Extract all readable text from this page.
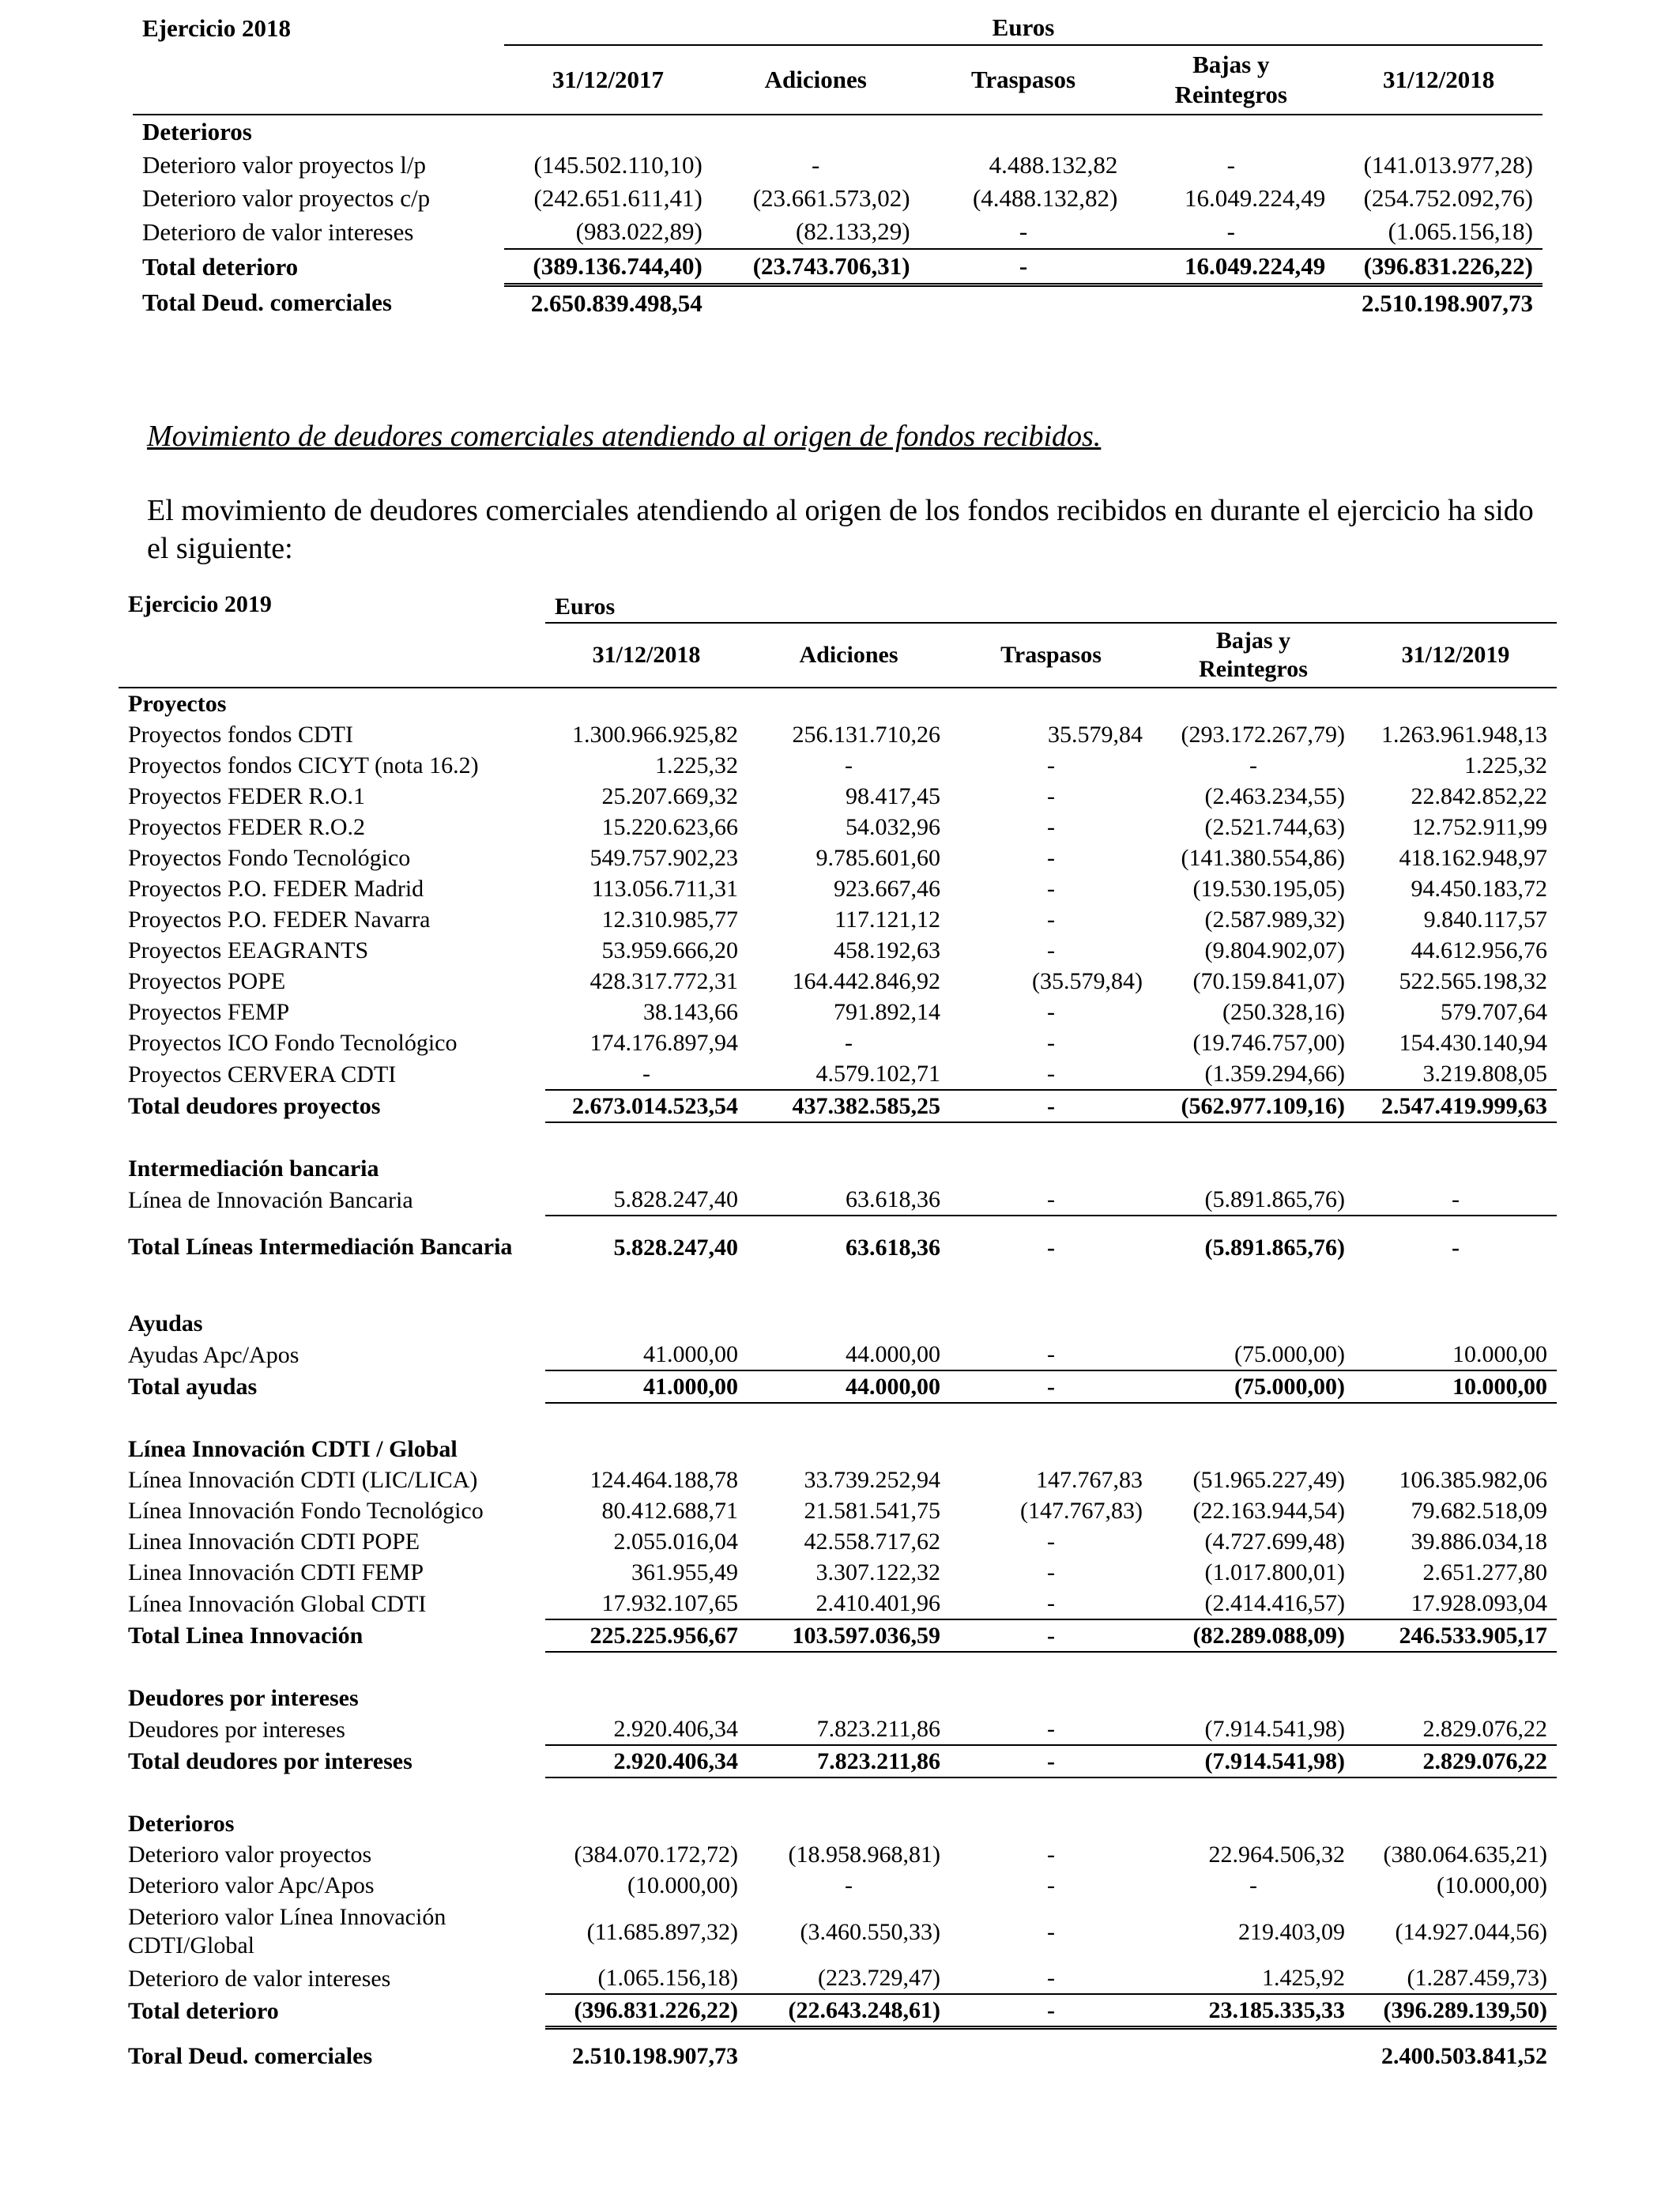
Ejercicio 2018	Euros				
	31/12/2017	Adiciones	Traspasos	Bajas y Reintegros	31/12/2018
Deterioros					
Deterioro valor proyectos l/p	(145.502.110,10)	-	4.488.132,82	-	(141.013.977,28)
Deterioro valor proyectos c/p	(242.651.611,41)	(23.661.573,02)	(4.488.132,82)	16.049.224,49	(254.752.092,76)
Deterioro de valor intereses	(983.022,89)	(82.133,29)	-	-	(1.065.156,18)
Total deterioro	(389.136.744,40)	(23.743.706,31)	-	16.049.224,49	(396.831.226,22)
Total Deud. comerciales	2.650.839.498,54				2.510.198.907,73

Movimiento de deudores comerciales atendiendo al origen de fondos recibidos.

El movimiento de deudores comerciales atendiendo al origen de los fondos recibidos en durante el ejercicio ha sido el siguiente:

Ejercicio 2019	Euros				
	31/12/2018	Adiciones	Traspasos	Bajas y Reintegros	31/12/2019
Proyectos					
Proyectos fondos CDTI	1.300.966.925,82	256.131.710,26	35.579,84	(293.172.267,79)	1.263.961.948,13
Proyectos fondos CICYT (nota 16.2)	1.225,32	-	-	-	1.225,32
Proyectos FEDER R.O.1	25.207.669,32	98.417,45	-	(2.463.234,55)	22.842.852,22
Proyectos FEDER R.O.2	15.220.623,66	54.032,96	-	(2.521.744,63)	12.752.911,99
Proyectos Fondo Tecnológico	549.757.902,23	9.785.601,60	-	(141.380.554,86)	418.162.948,97
Proyectos P.O. FEDER Madrid	113.056.711,31	923.667,46	-	(19.530.195,05)	94.450.183,72
Proyectos P.O. FEDER Navarra	12.310.985,77	117.121,12	-	(2.587.989,32)	9.840.117,57
Proyectos EEAGRANTS	53.959.666,20	458.192,63	-	(9.804.902,07)	44.612.956,76
Proyectos POPE	428.317.772,31	164.442.846,92	(35.579,84)	(70.159.841,07)	522.565.198,32
Proyectos FEMP	38.143,66	791.892,14	-	(250.328,16)	579.707,64
Proyectos ICO Fondo Tecnológico	174.176.897,94	-	-	(19.746.757,00)	154.430.140,94
Proyectos CERVERA CDTI	-	4.579.102,71	-	(1.359.294,66)	3.219.808,05
Total deudores proyectos	2.673.014.523,54	437.382.585,25	-	(562.977.109,16)	2.547.419.999,63

Intermediación bancaria					
Línea de Innovación Bancaria	5.828.247,40	63.618,36	-	(5.891.865,76)	-
Total Líneas Intermediación Bancaria	5.828.247,40	63.618,36	-	(5.891.865,76)	-

Ayudas					
Ayudas Apc/Apos	41.000,00	44.000,00	-	(75.000,00)	10.000,00
Total ayudas	41.000,00	44.000,00	-	(75.000,00)	10.000,00

Línea Innovación CDTI / Global					
Línea Innovación CDTI (LIC/LICA)	124.464.188,78	33.739.252,94	147.767,83	(51.965.227,49)	106.385.982,06
Línea Innovación Fondo Tecnológico	80.412.688,71	21.581.541,75	(147.767,83)	(22.163.944,54)	79.682.518,09
Linea Innovación CDTI POPE	2.055.016,04	42.558.717,62	-	(4.727.699,48)	39.886.034,18
Linea Innovación CDTI FEMP	361.955,49	3.307.122,32	-	(1.017.800,01)	2.651.277,80
Línea Innovación Global CDTI	17.932.107,65	2.410.401,96	-	(2.414.416,57)	17.928.093,04
Total Linea Innovación	225.225.956,67	103.597.036,59	-	(82.289.088,09)	246.533.905,17

Deudores por intereses					
Deudores por intereses	2.920.406,34	7.823.211,86	-	(7.914.541,98)	2.829.076,22
Total deudores por intereses	2.920.406,34	7.823.211,86	-	(7.914.541,98)	2.829.076,22

Deterioros					
Deterioro valor proyectos	(384.070.172,72)	(18.958.968,81)	-	22.964.506,32	(380.064.635,21)
Deterioro valor Apc/Apos	(10.000,00)	-	-	-	(10.000,00)
Deterioro valor Línea Innovación CDTI/Global	(11.685.897,32)	(3.460.550,33)	-	219.403,09	(14.927.044,56)
Deterioro de valor intereses	(1.065.156,18)	(223.729,47)	-	1.425,92	(1.287.459,73)
Total deterioro	(396.831.226,22)	(22.643.248,61)	-	23.185.335,33	(396.289.139,50)

Toral Deud. comerciales	2.510.198.907,73				2.400.503.841,52
